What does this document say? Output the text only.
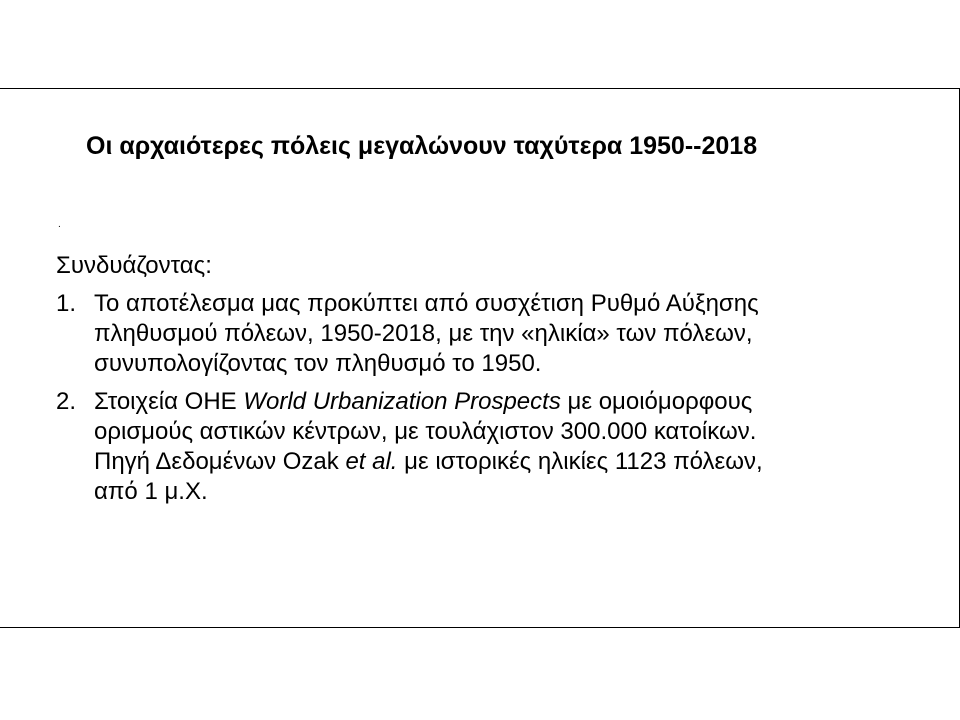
Οι αρχαιότερες πόλεις μεγαλώνουν ταχύτερα 1950--2018
.
Συνδυάζοντας:
1. Το αποτέλεσμα μας προκύπτει από συσχέτιση Ρυθμό Αύξησης
πληθυσμού πόλεων, 1950-2018, με την «ηλικία» των πόλεων,
συνυπολογίζοντας τον πληθυσμό το 1950.
2. Στοιχεία ΟΗΕ World Urbanization Prospects με ομοιόμορφους
ορισμούς αστικών κέντρων, με τουλάχιστον 300.000 κατοίκων.
Πηγή Δεδομένων Ozak et al. με ιστορικές ηλικίες 1123 πόλεων,
από 1 μ.Χ.
